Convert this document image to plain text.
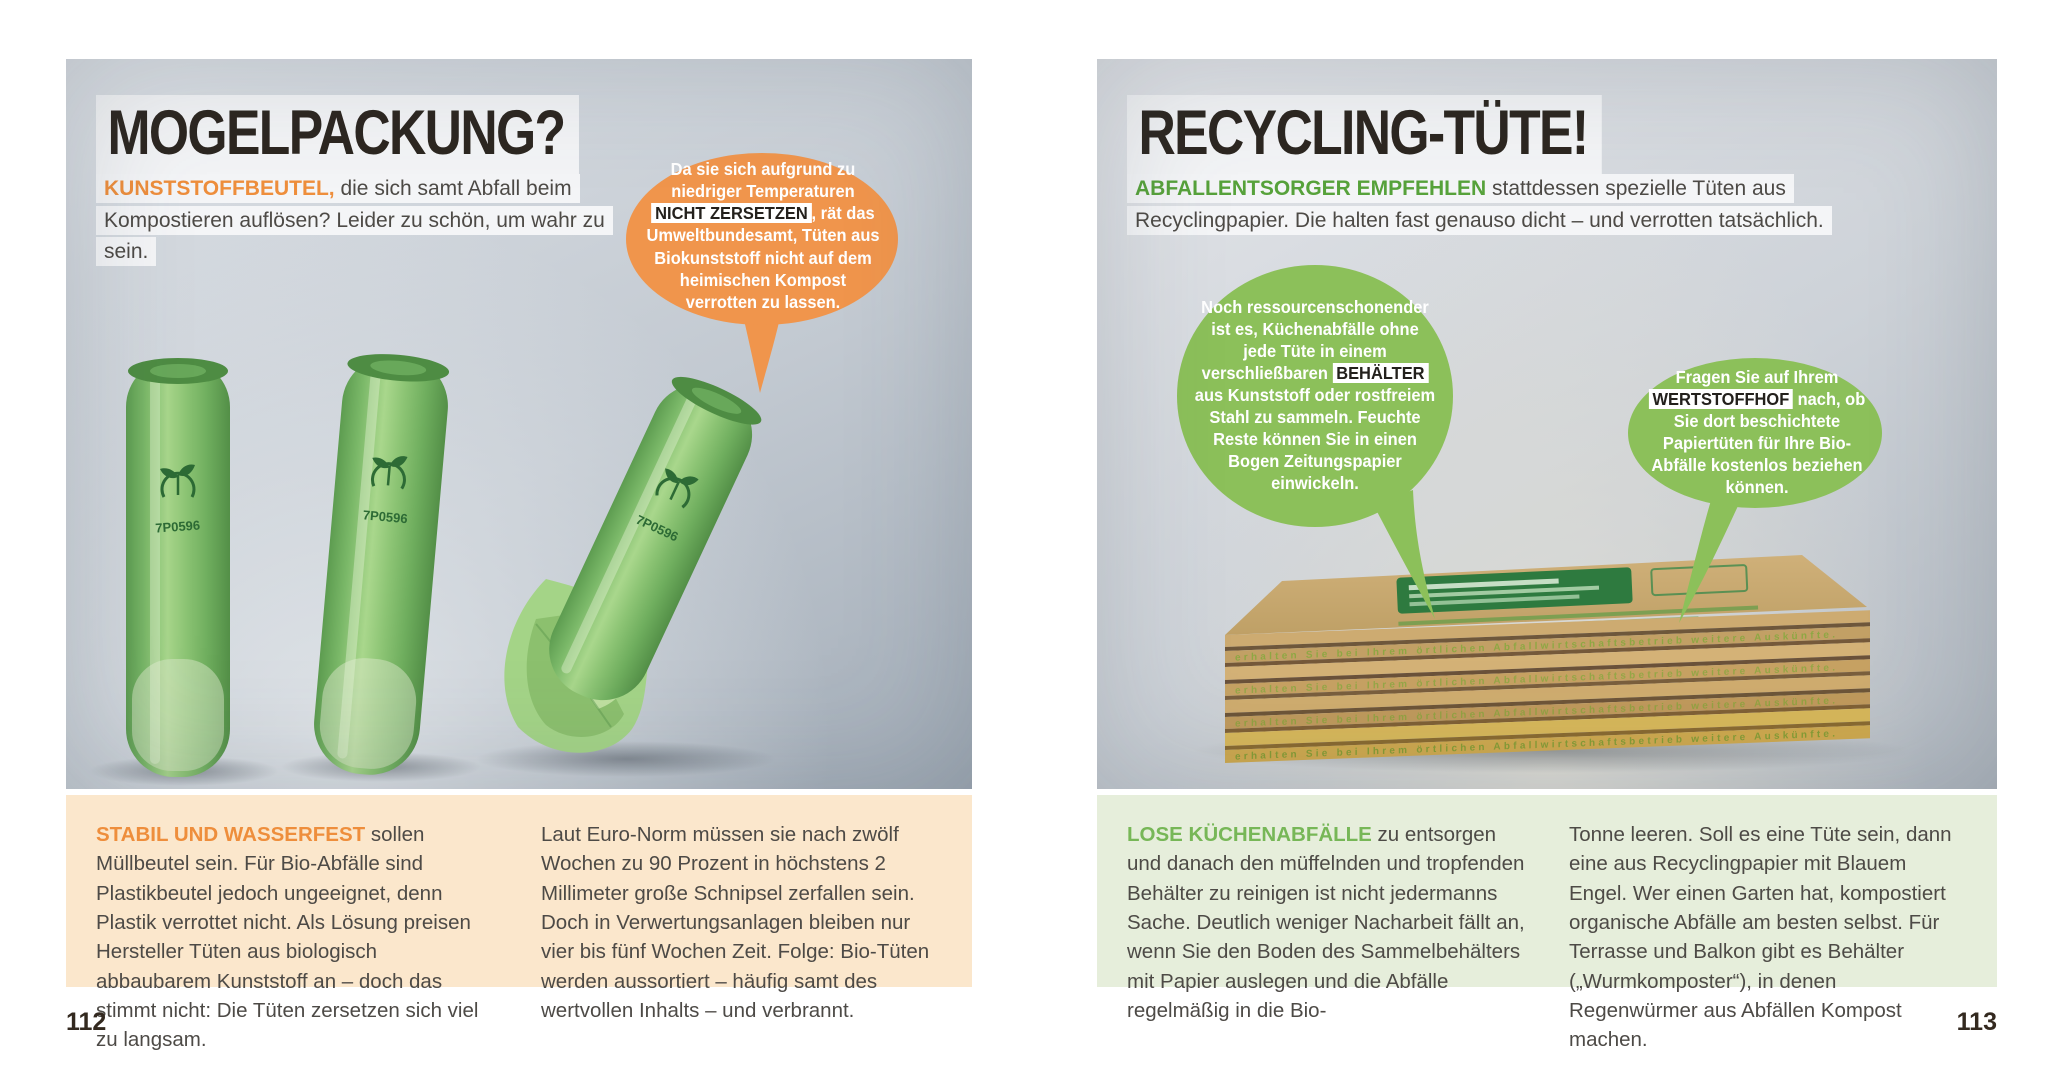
7P0596
7P0596	7P0596
MOGELPACKUNG?

KUNSTSTOFFBEUTEL, die sich samt Abfall beim Kompostieren auflösen? Leider zu schön, um wahr zu sein.

Da sie sich aufgrund zu niedriger Temperaturen NICHT ZERSETZEN , rät das Umweltbundesamt, Tüten aus Biokunststoff nicht auf dem heimischen Kompost verrotten zu lassen.
erhalten Sie bei Ihrem örtlichen Abfallwirtschaftsbetrieb weitere Auskünfte.
erhalten Sie bei Ihrem örtlichen Abfallwirtschaftsbetrieb weitere Auskünfte.
erhalten Sie bei Ihrem örtlichen Abfallwirtschaftsbetrieb weitere Auskünfte.
erhalten Sie bei Ihrem örtlichen Abfallwirtschaftsbetrieb weitere Auskünfte.
RECYCLING-TÜTE!

ABFALLENTSORGER EMPFEHLEN stattdessen spezielle Tüten aus Recyclingpapier. Die halten fast genauso dicht – und verrotten tatsächlich.

Noch ressourcenschonender ist es, Küchenabfälle ohne jede Tüte in einem verschließbaren BEHÄLTER aus Kunststoff oder rostfreiem Stahl zu sammeln. Feuchte Reste können Sie in einen Bogen Zeitungspapier einwickeln.
Fragen Sie auf Ihrem WERTSTOFFHOF nach, ob Sie dort beschichtete Papiertüten für Ihre Bio-Abfälle kostenlos beziehen können.

STABIL UND WASSERFEST sollen Müllbeutel sein. Für Bio-Abfälle sind Plastikbeutel jedoch ungeeignet, denn Plastik verrottet nicht. Als Lösung preisen Hersteller Tüten aus biologisch abbaubarem Kunststoff an – doch das stimmt nicht: Die Tüten zersetzen sich viel zu langsam.

Laut Euro-Norm müssen sie nach zwölf Wochen zu 90 Prozent in höchstens 2 Millimeter große Schnipsel zerfallen sein. Doch in Verwertungsanlagen bleiben nur vier bis fünf Wochen Zeit. Folge: Bio-Tüten werden aussortiert – häufig samt des wertvollen Inhalts – und verbrannt.

LOSE KÜCHENABFÄLLE zu entsorgen und danach den müffelnden und tropfenden Behälter zu reinigen ist nicht jedermanns Sache. Deutlich weniger Nacharbeit fällt an, wenn Sie den Boden des Sammelbehälters mit Papier auslegen und die Abfälle regelmäßig in die Bio-

Tonne leeren. Soll es eine Tüte sein, dann eine aus Recyclingpapier mit Blauem Engel. Wer einen Garten hat, kompostiert organische Abfälle am besten selbst. Für Terrasse und Balkon gibt es Behälter („Wurmkomposter“), in denen Regenwürmer aus Abfällen Kompost machen.

112	113
